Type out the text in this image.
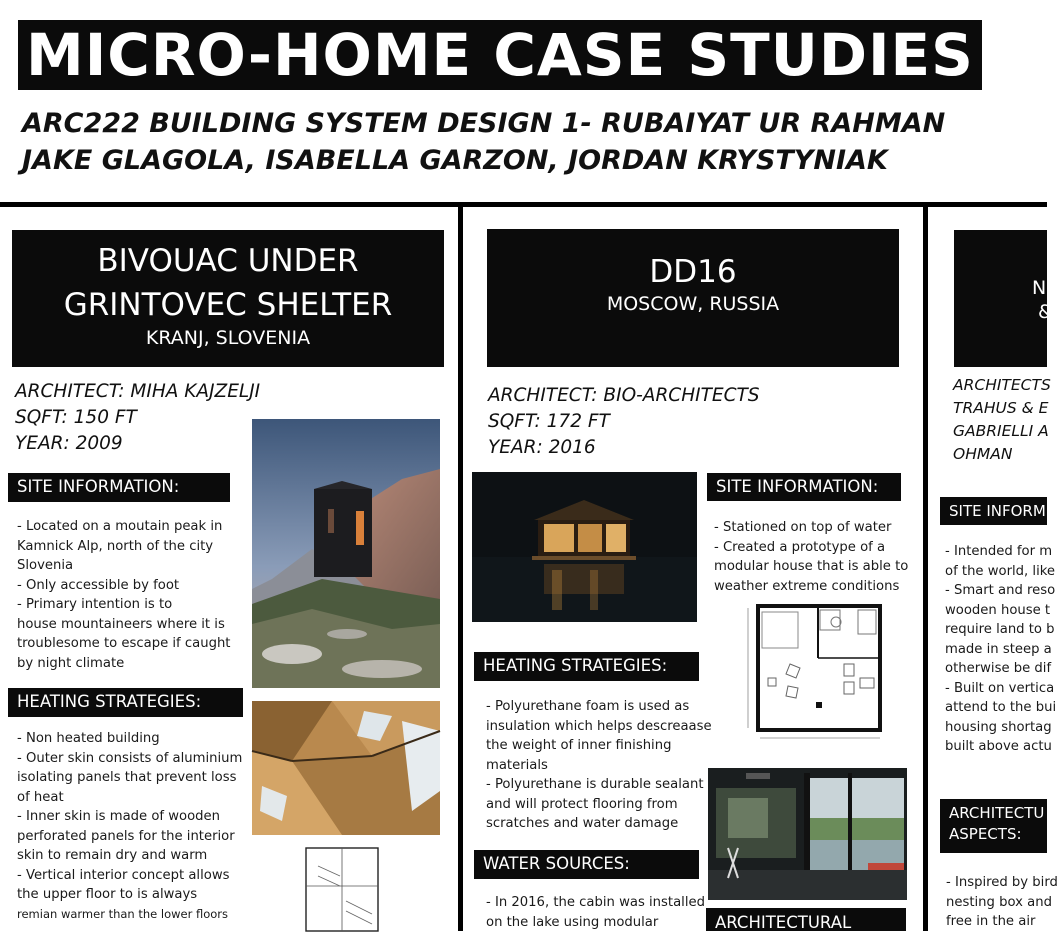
MICRO-HOME CASE STUDIES
ARC222 BUILDING SYSTEM DESIGN 1- RUBAIYAT UR RAHMAN
JAKE GLAGOLA, ISABELLA GARZON, JORDAN KRYSTYNIAK
BIVOUAC UNDER
GRINTOVEC SHELTER
KRANJ, SLOVENIA
ARCHITECT: MIHA KAJZELJI
SQFT: 150 FT
YEAR: 2009
SITE INFORMATION:
- Located on a moutain peak in
Kamnick Alp, north of the city
Slovenia
- Only accessible by foot
- Primary intention is to
house mountaineers where it is
troublesome to escape if caught
by night climate
HEATING STRATEGIES:
- Non heated building
- Outer skin consists of aluminium
isolating panels that prevent loss
of heat
- Inner skin is made of wooden
perforated panels for the interior
skin to remain dry and warm
- Vertical interior concept allows
the upper floor to is always
remian warmer than the lower floors
DD16
MOSCOW, RUSSIA
ARCHITECT: BIO-ARCHITECTS
SQFT: 172 FT
YEAR: 2016
SITE INFORMATION:
- Stationed on top of water
- Created a prototype of a
modular house that is able to
weather extreme conditions
HEATING STRATEGIES:
- Polyurethane foam is used as
insulation which helps descreaase
the weight of inner finishing
materials
- Polyurethane is durable sealant
and will protect flooring from
scratches and water damage
WATER SOURCES:
- In 2016, the cabin was installed
on the lake using modular	ARCHITECTURAL
N
&
ARCHITECTS
TRAHUS & E
GABRIELLI A
OHMAN
SITE INFORM
- Intended for m
of the world, like
- Smart and reso
wooden house t
require land to b
made in steep a
otherwise be dif
- Built on vertica
attend to the bui
housing shortag
built above actu
ARCHITECTU
ASPECTS:
- Inspired by bird
nesting box and
free in the air
